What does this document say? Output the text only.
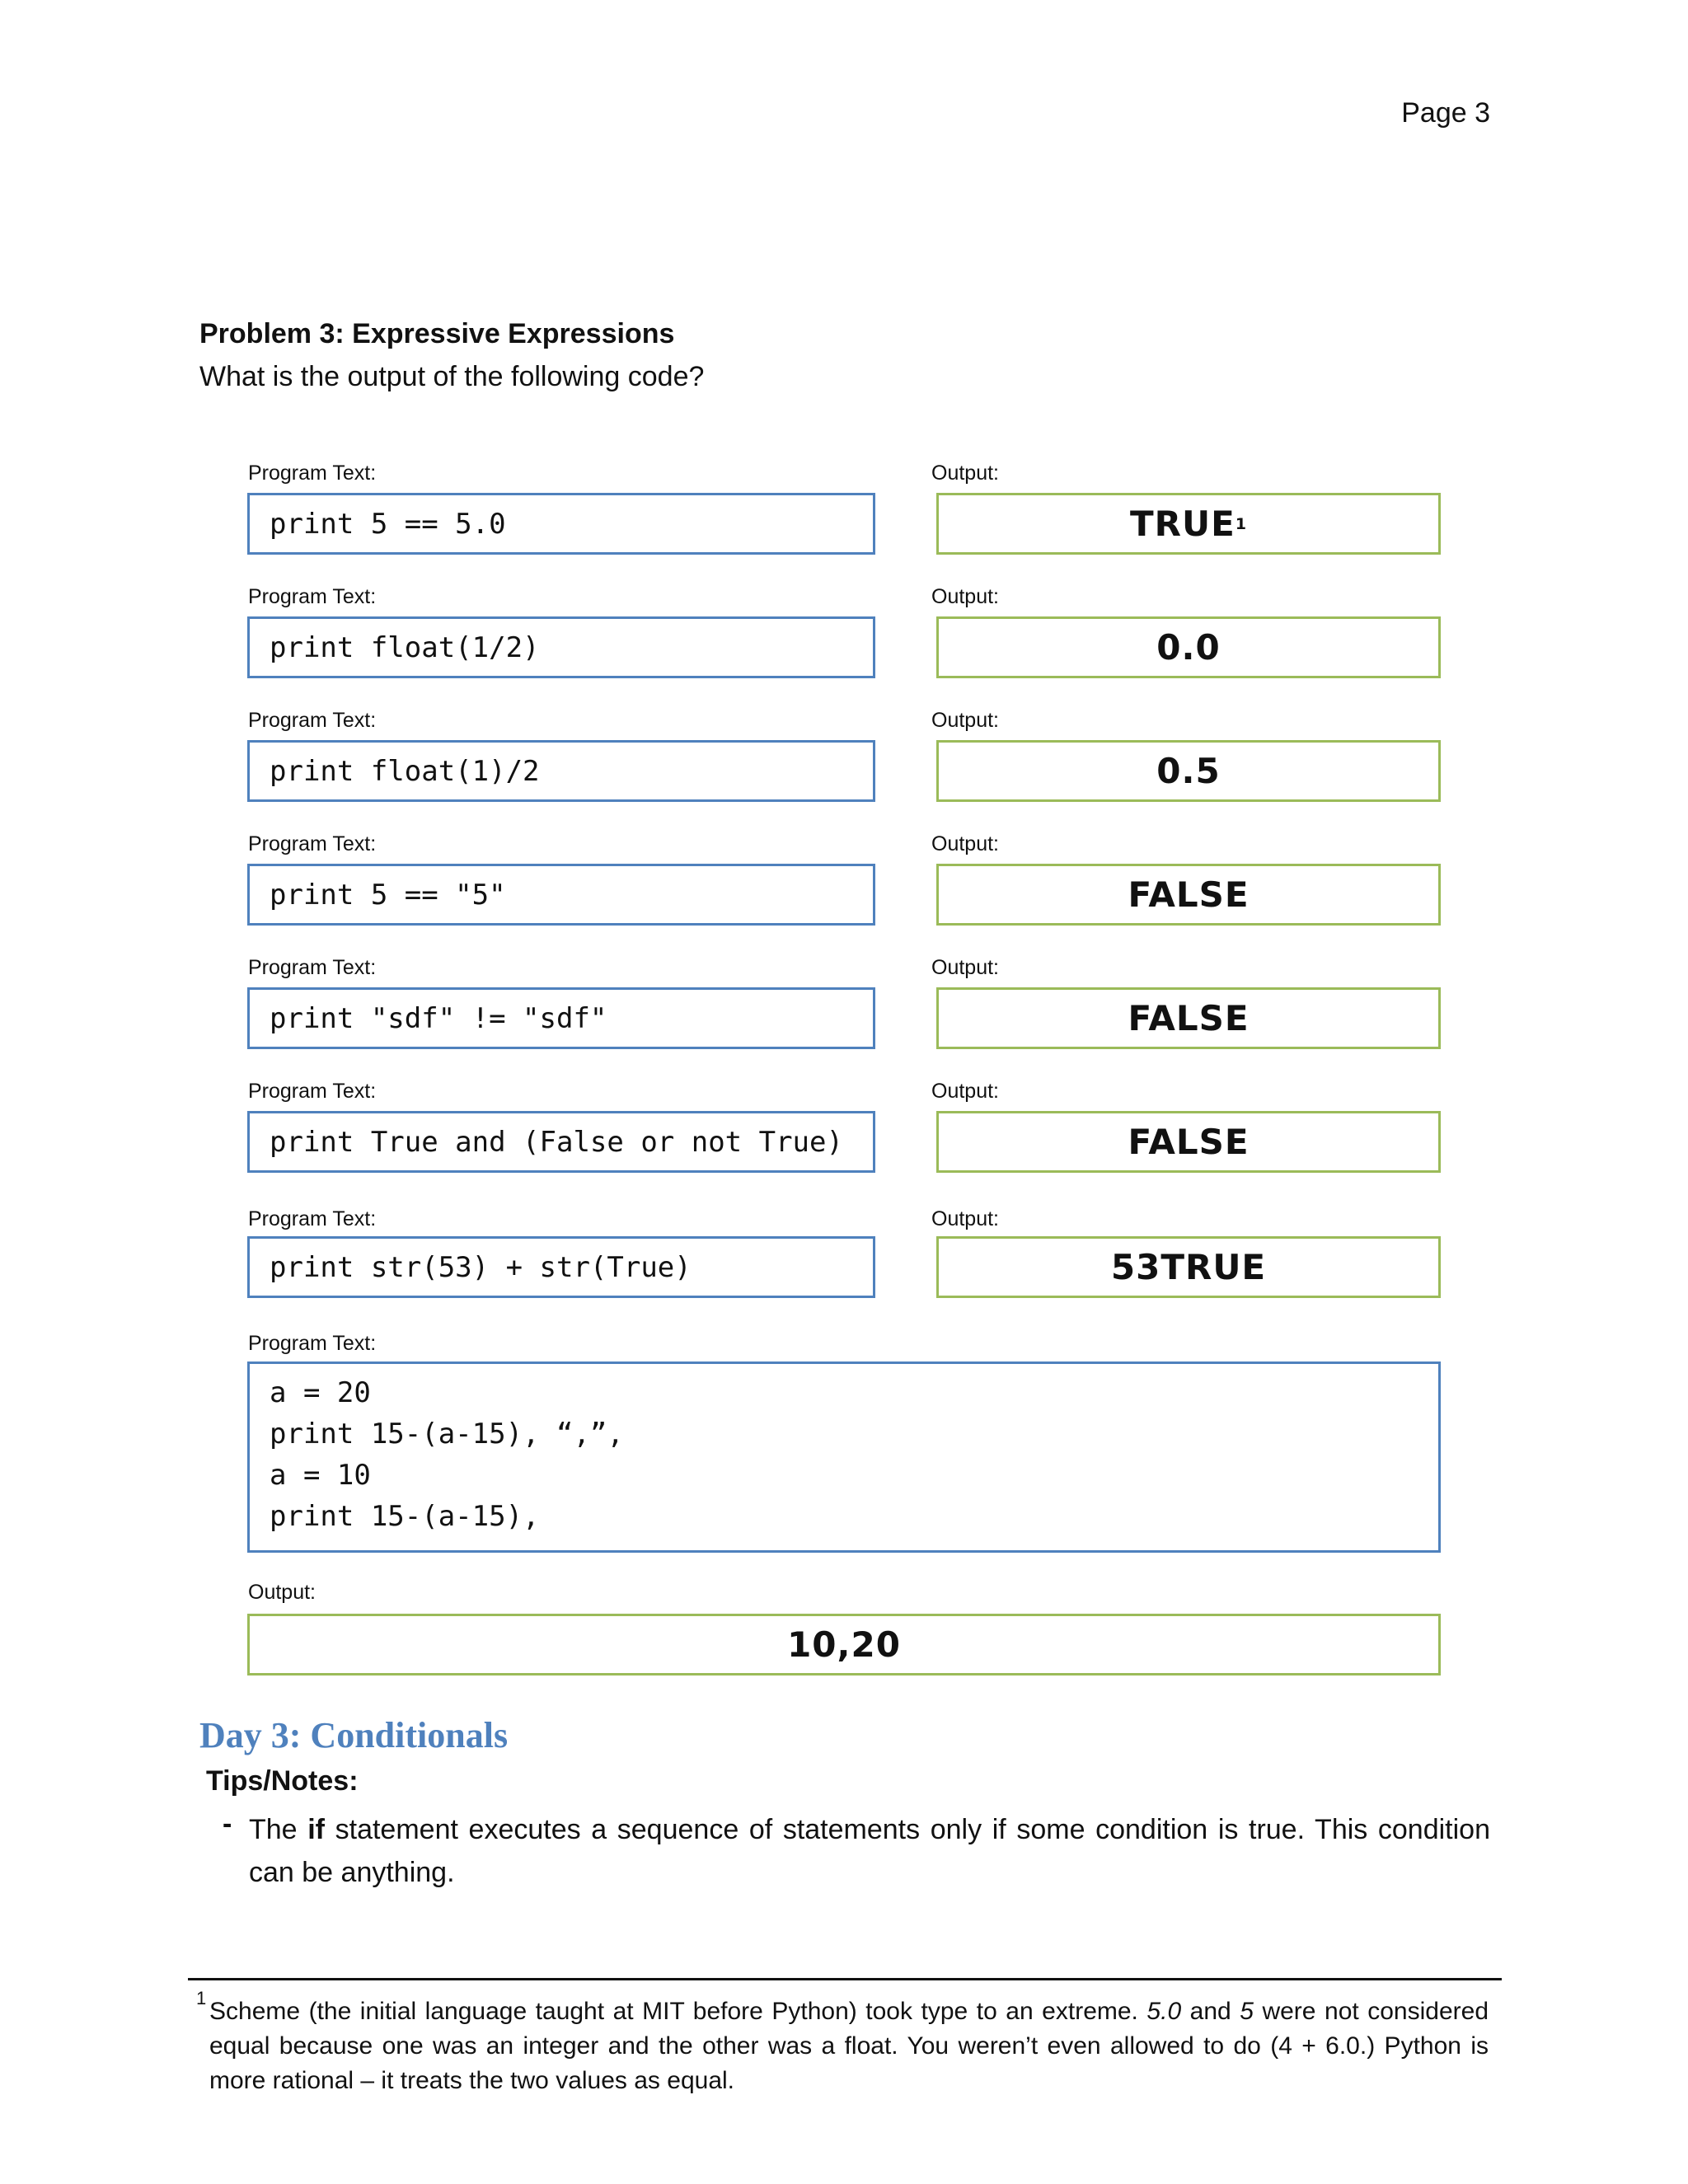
Page 3
Problem 3: Expressive Expressions
What is the output of the following code?
Program Text:	Output:
print 5 == 5.0	TRUE 1
Program Text:	Output:
print float(1/2)	0.0
Program Text:	Output:
print float(1)/2	0.5
Program Text:	Output:
print 5 == "5"	FALSE
Program Text:	Output:
print "sdf" != "sdf"	FALSE
Program Text:	Output:
print True and (False or not True)	FALSE
Program Text:	Output:
print str(53) + str(True)	53TRUE
Program Text:
a = 20
print 15-(a-15), “,”,
a = 10
print 15-(a-15),
Output:
10,20
Day 3: Conditionals
Tips/Notes:
- The if statement executes a sequence of statements only if some condition is true. This condition can be anything.
1 Scheme (the initial language taught at MIT before Python) took type to an extreme. 5.0 and 5 were not considered equal because one was an integer and the other was a float. You weren’t even allowed to do (4 + 6.0.) Python is more rational – it treats the two values as equal.
